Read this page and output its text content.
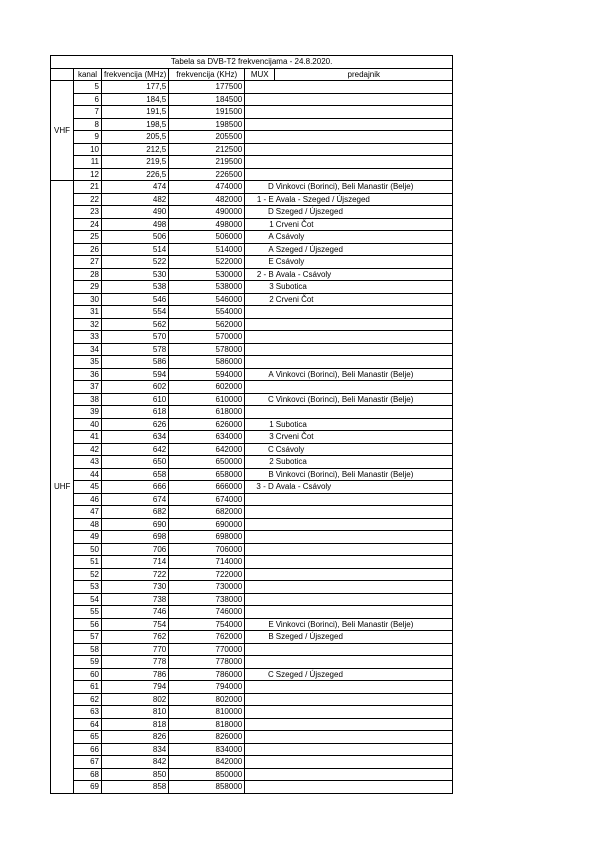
Tabela sa DVB-T2 frekvencijama - 24.8.2020.					
	kanal	frekvencija (MHz)	frekvencija (KHz)	MUX	predajnik
VHF	5	177,5	177500		
	6	184,5	184500		
	7	191,5	191500		
	8	198,5	198500		
	9	205,5	205500		
	10	212,5	212500		
	11	219,5	219500		
	12	226,5	226500		
UHF	21	474	474000	D	Vinkovci (Borinci), Beli Manastir (Belje)
	22	482	482000	1 - E	Avala - Szeged / Újszeged
	23	490	490000	D	Szeged / Újszeged
	24	498	498000	1	Crveni Čot
	25	506	506000	A	Csávoly
	26	514	514000	A	Szeged / Újszeged
	27	522	522000	E	Csávoly
	28	530	530000	2 - B	Avala - Csávoly
	29	538	538000	3	Subotica
	30	546	546000	2	Crveni Čot
	31	554	554000		
	32	562	562000		
	33	570	570000		
	34	578	578000		
	35	586	586000		
	36	594	594000	A	Vinkovci (Borinci), Beli Manastir (Belje)
	37	602	602000		
	38	610	610000	C	Vinkovci (Borinci), Beli Manastir (Belje)
	39	618	618000		
	40	626	626000	1	Subotica
	41	634	634000	3	Crveni Čot
	42	642	642000	C	Csávoly
	43	650	650000	2	Subotica
	44	658	658000	B	Vinkovci (Borinci), Beli Manastir (Belje)
	45	666	666000	3 - D	Avala - Csávoly
	46	674	674000		
	47	682	682000		
	48	690	690000		
	49	698	698000		
	50	706	706000		
	51	714	714000		
	52	722	722000		
	53	730	730000		
	54	738	738000		
	55	746	746000		
	56	754	754000	E	Vinkovci (Borinci), Beli Manastir (Belje)
	57	762	762000	B	Szeged / Újszeged
	58	770	770000		
	59	778	778000		
	60	786	786000	C	Szeged / Újszeged
	61	794	794000		
	62	802	802000		
	63	810	810000		
	64	818	818000		
	65	826	826000		
	66	834	834000		
	67	842	842000		
	68	850	850000		
	69	858	858000		
